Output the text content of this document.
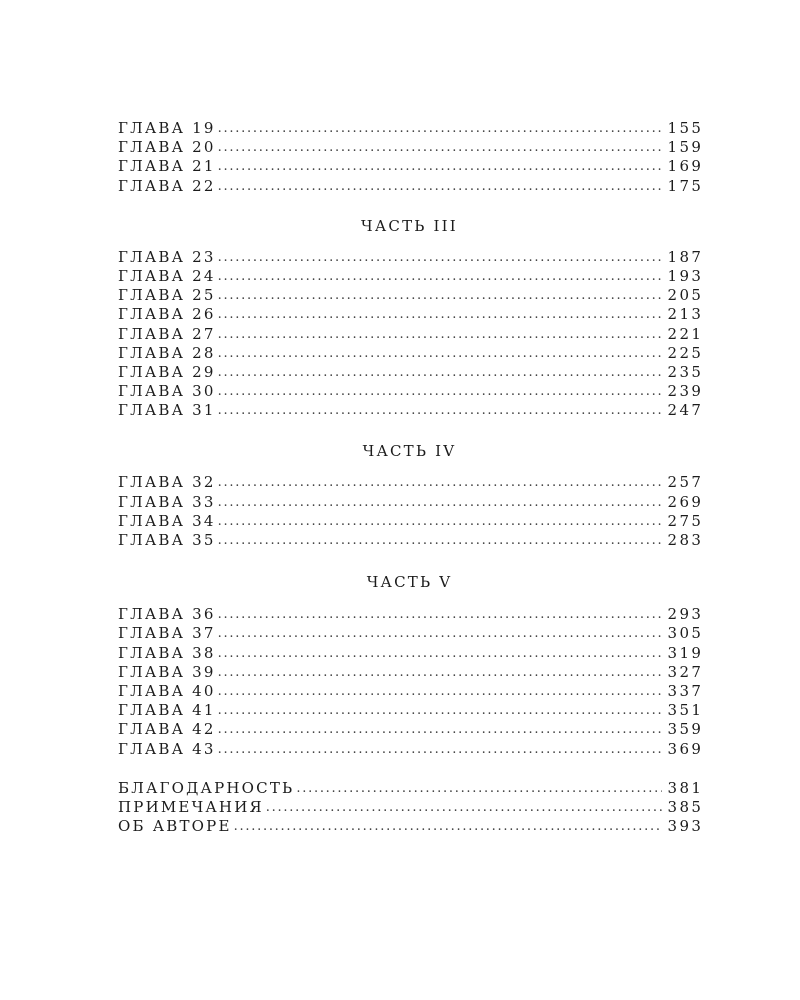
ГЛАВА 19 . . .	155
ГЛАВА 20 . . .	159
ГЛАВА 21 . . .	169
ГЛАВА 22 . . .	175
ЧАСТЬ III
ГЛАВА 23 . . .	187
ГЛАВА 24 . . .	193
ГЛАВА 25 . . .	205
ГЛАВА 26 . . .	213
ГЛАВА 27 . . .	221
ГЛАВА 28 . . .	225
ГЛАВА 29 . . .	235
ГЛАВА 30 . . .	239
ГЛАВА 31 . . .	247
ЧАСТЬ IV
ГЛАВА 32 . . .	257
ГЛАВА 33 . . .	269
ГЛАВА 34 . . .	275
ГЛАВА 35 . . .	283
ЧАСТЬ V
ГЛАВА 36 . . .	293
ГЛАВА 37 . . .	305
ГЛАВА 38 . . .	319
ГЛАВА 39 . . .	327
ГЛАВА 40 . . .	337
ГЛАВА 41 . . .	351
ГЛАВА 42 . . .	359
ГЛАВА 43 . . .	369
БЛАГОДАРНОСТЬ . . .	381
ПРИМЕЧАНИЯ . . .	385
ОБ АВТОРЕ . . .	393
